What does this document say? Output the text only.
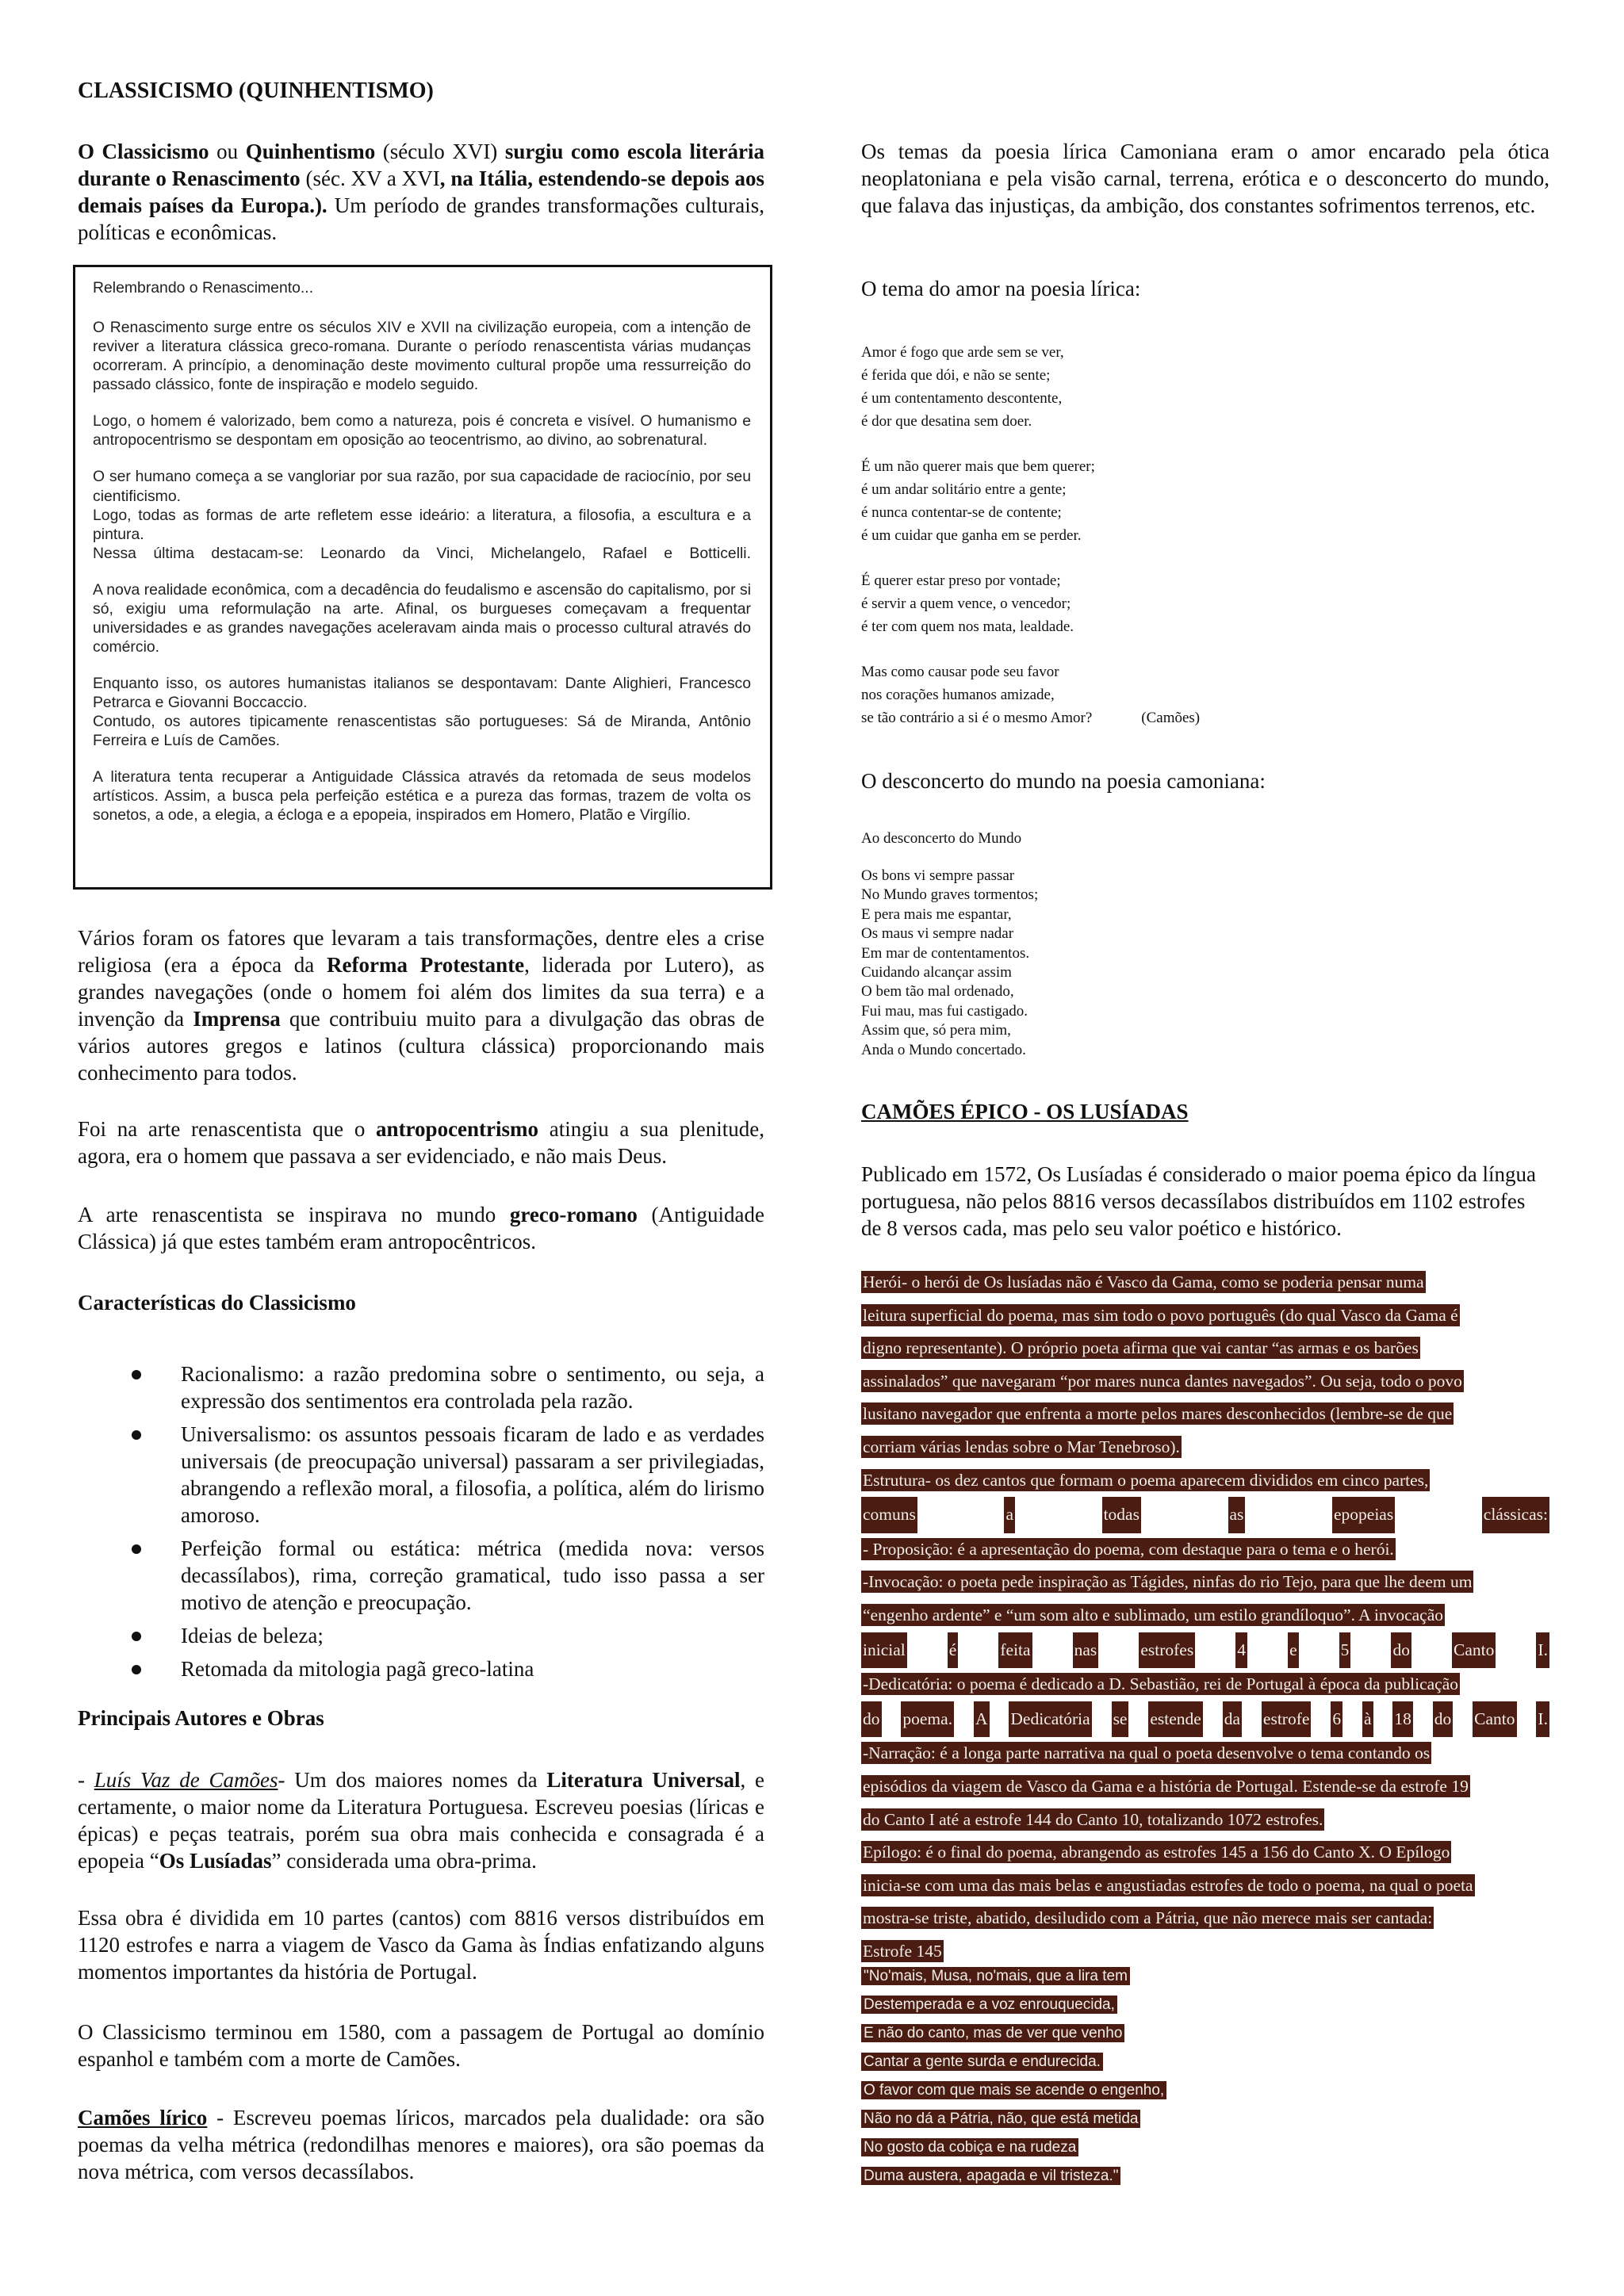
CLASSICISMO (QUINHENTISMO)
O Classicismo ou Quinhentismo (século XVI) surgiu como escola literária durante o Renascimento (séc. XV a XVI, na Itália, estendendo-se depois aos demais países da Europa.). Um período de grandes transformações culturais, políticas e econômicas.
Relembrando o Renascimento...

O Renascimento surge entre os séculos XIV e XVII na civilização europeia, com a intenção de reviver a literatura clássica greco-romana. Durante o período renascentista várias mudanças ocorreram. A princípio, a denominação deste movimento cultural propõe uma ressurreição do passado clássico, fonte de inspiração e modelo seguido.

Logo, o homem é valorizado, bem como a natureza, pois é concreta e visível. O humanismo e antropocentrismo se despontam em oposição ao teocentrismo, ao divino, ao sobrenatural.

O ser humano começa a se vangloriar por sua razão, por sua capacidade de raciocínio, por seu cientificismo.

Logo, todas as formas de arte refletem esse ideário: a literatura, a filosofia, a escultura e a pintura.

Nessa última destacam-se: Leonardo da Vinci, Michelangelo, Rafael e Botticelli.

A nova realidade econômica, com a decadência do feudalismo e ascensão do capitalismo, por si só, exigiu uma reformulação na arte. Afinal, os burgueses começavam a frequentar universidades e as grandes navegações aceleravam ainda mais o processo cultural através do comércio.

Enquanto isso, os autores humanistas italianos se despontavam: Dante Alighieri, Francesco Petrarca e Giovanni Boccaccio.

Contudo, os autores tipicamente renascentistas são portugueses: Sá de Miranda, Antônio Ferreira e Luís de Camões.

A literatura tenta recuperar a Antiguidade Clássica através da retomada de seus modelos artísticos. Assim, a busca pela perfeição estética e a pureza das formas, trazem de volta os sonetos, a ode, a elegia, a écloga e a epopeia, inspirados em Homero, Platão e Virgílio.

Vários foram os fatores que levaram a tais transformações, dentre eles a crise religiosa (era a época da Reforma Protestante, liderada por Lutero), as grandes navegações (onde o homem foi além dos limites da sua terra) e a invenção da Imprensa que contribuiu muito para a divulgação das obras de vários autores gregos e latinos (cultura clássica) proporcionando mais conhecimento para todos.
Foi na arte renascentista que o antropocentrismo atingiu a sua plenitude, agora, era o homem que passava a ser evidenciado, e não mais Deus.
A arte renascentista se inspirava no mundo greco-romano (Antiguidade Clássica) já que estes também eram antropocêntricos.
Características do Classicismo
Racionalismo: a razão predomina sobre o sentimento, ou seja, a expressão dos sentimentos era controlada pela razão.
Universalismo: os assuntos pessoais ficaram de lado e as verdades universais (de preocupação universal) passaram a ser privilegiadas, abrangendo a reflexão moral, a filosofia, a política, além do lirismo amoroso.
Perfeição formal ou estática: métrica (medida nova: versos decassílabos), rima, correção gramatical, tudo isso passa a ser motivo de atenção e preocupação.
Ideias de beleza;
Retomada da mitologia pagã greco-latina
Principais Autores e Obras
- Luís Vaz de Camões- Um dos maiores nomes da Literatura Universal, e certamente, o maior nome da Literatura Portuguesa. Escreveu poesias (líricas e épicas) e peças teatrais, porém sua obra mais conhecida e consagrada é a epopeia “Os Lusíadas” considerada uma obra-prima.
Essa obra é dividida em 10 partes (cantos) com 8816 versos distribuídos em 1120 estrofes e narra a viagem de Vasco da Gama às Índias enfatizando alguns momentos importantes da história de Portugal.
O Classicismo terminou em 1580, com a passagem de Portugal ao domínio espanhol e também com a morte de Camões.
Camões lírico - Escreveu poemas líricos, marcados pela dualidade: ora são poemas da velha métrica (redondilhas menores e maiores), ora são poemas da nova métrica, com versos decassílabos.
Os temas da poesia lírica Camoniana eram o amor encarado pela ótica neoplatoniana e pela visão carnal, terrena, erótica e o desconcerto do mundo, que falava das injustiças, da ambição, dos constantes sofrimentos terrenos, etc.
O tema do amor na poesia lírica:
Amor é fogo que arde sem se ver,
é ferida que dói, e não se sente;
é um contentamento descontente,
é dor que desatina sem doer.
É um não querer mais que bem querer;
é um andar solitário entre a gente;
é nunca contentar-se de contente;
é um cuidar que ganha em se perder.
É querer estar preso por vontade;
é servir a quem vence, o vencedor;
é ter com quem nos mata, lealdade.
Mas como causar pode seu favor
nos corações humanos amizade,
se tão contrário a si é o mesmo Amor?	(Camões)
O desconcerto do mundo na poesia camoniana:
Ao desconcerto do Mundo
Os bons vi sempre passar
No Mundo graves tormentos;
E pera mais me espantar,
Os maus vi sempre nadar
Em mar de contentamentos.
Cuidando alcançar assim
O bem tão mal ordenado,
Fui mau, mas fui castigado.
Assim que, só pera mim,
Anda o Mundo concertado.
CAMÕES ÉPICO - OS LUSÍADAS
Publicado em 1572, Os Lusíadas é considerado o maior poema épico da língua portuguesa, não pelos 8816 versos decassílabos distribuídos em 1102 estrofes de 8 versos cada, mas pelo seu valor poético e histórico.
Herói- o herói de Os lusíadas não é Vasco da Gama, como se poderia pensar numa
leitura superficial do poema, mas sim todo o povo português (do qual Vasco da Gama é
digno representante). O próprio poeta afirma que vai cantar “as armas e os barões
assinalados” que navegaram “por mares nunca dantes navegados”. Ou seja, todo o povo
lusitano navegador que enfrenta a morte pelos mares desconhecidos (lembre-se de que
corriam várias lendas sobre o Mar Tenebroso).
Estrutura- os dez cantos que formam o poema aparecem divididos em cinco partes,
comuns	a	todas	as	epopeias	clássicas:
- Proposição: é a apresentação do poema, com destaque para o tema e o herói.
-Invocação: o poeta pede inspiração as Tágides, ninfas do rio Tejo, para que lhe deem um
“engenho ardente” e “um som alto e sublimado, um estilo grandíloquo”. A invocação
inicial	é	feita	nas	estrofes	4	e	5	do	Canto	I.
-Dedicatória: o poema é dedicado a D. Sebastião, rei de Portugal à época da publicação
do poema. A Dedicatória se estende da estrofe 6 à 18 do Canto I.
-Narração: é a longa parte narrativa na qual o poeta desenvolve o tema contando os
episódios da viagem de Vasco da Gama e a história de Portugal. Estende-se da estrofe 19
do Canto I até a estrofe 144 do Canto 10, totalizando 1072 estrofes.
Epílogo: é o final do poema, abrangendo as estrofes 145 a 156 do Canto X. O Epílogo
inicia-se com uma das mais belas e angustiadas estrofes de todo o poema, na qual o poeta
mostra-se triste, abatido, desiludido com a Pátria, que não merece mais ser cantada:
Estrofe 145
"No'mais, Musa, no'mais, que a lira tem
Destemperada e a voz enrouquecida,
E não do canto, mas de ver que venho
Cantar a gente surda e endurecida.
O favor com que mais se acende o engenho,
Não no dá a Pátria, não, que está metida
No gosto da cobiça e na rudeza
Duma austera, apagada e vil tristeza."
